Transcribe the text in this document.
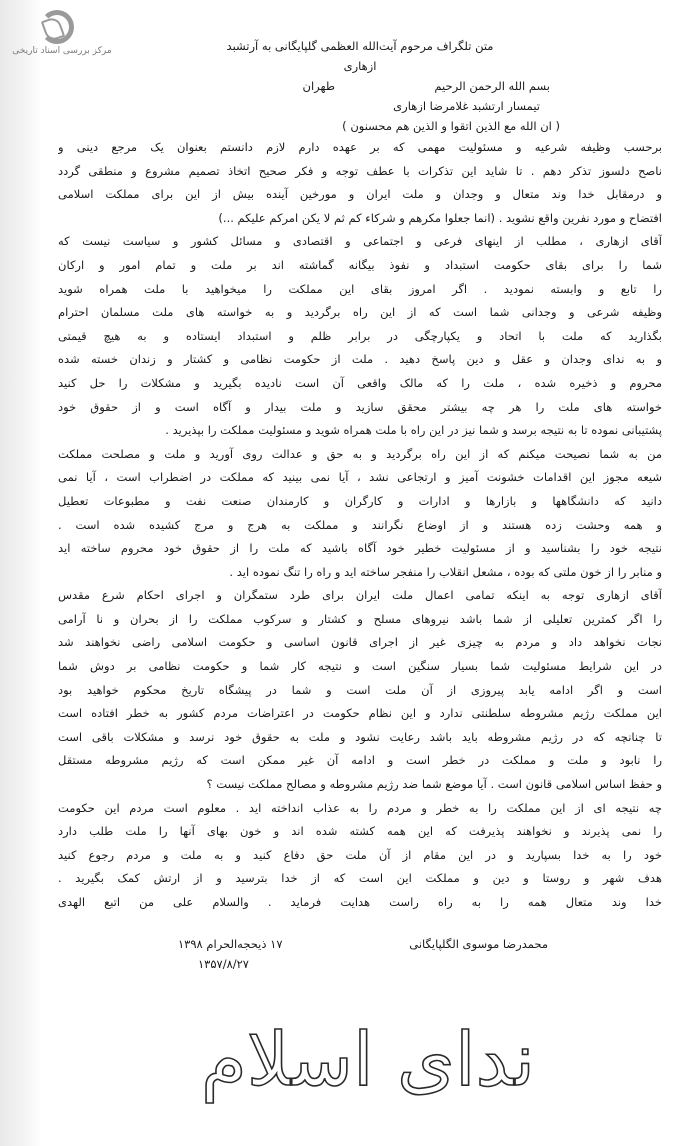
مرکز بررسی اسناد تاریخی	متن تلگراف مرحوم آیت‌الله العظمی گلپایگانی به آرتشبد
ازهاری
بسم الله الرحمن الرحیم
طهران
تیمسار ارتشبد غلامرضا ازهاری
( ان الله مع الذین اتقوا و الذین هم محسنون )
برحسب وظیفه شرعیه و مسئولیت مهمی که بر عهده دارم لازم دانستم بعنوان یک مرجع دینی و
ناصح دلسوز تذکر دهم . تا شاید این تذکرات با عطف توجه و فکر صحیح اتخاذ تصمیم مشروع و منطقی گردد
و درمقابل خدا وند متعال و وجدان و ملت ایران و مورخین آینده بیش از این برای مملکت اسلامی
افتضاح و مورد نفرین واقع نشوید . (انما جعلوا مکرهم و شرکاء کم ثم لا یکن امرکم علیکم ...)
آقای ازهاری ، مطلب از اینهای فرعی و اجتماعی و اقتصادی و مسائل کشور و سیاست نیست که
شما را برای بقای حکومت استبداد و نفوذ بیگانه گماشته اند بر ملت و تمام امور و ارکان
را تابع و وابسته نمودید . اگر امروز بقای این مملکت را میخواهید با ملت همراه شوید
وظیفه شرعی و وجدانی شما است که از این راه برگردید و به خواسته های ملت مسلمان احترام
بگذارید که ملت با اتحاد و یکپارچگی در برابر ظلم و استبداد ایستاده و به هیچ قیمتی
و به ندای وجدان و عقل و دین پاسخ دهید . ملت از حکومت نظامی و کشتار و زندان خسته شده
محروم و ذخیره شده ، ملت را که مالک واقعی آن است نادیده بگیرید و مشکلات را حل کنید
خواسته های ملت را هر چه بیشتر محقق سازید و ملت بیدار و آگاه است و از حقوق خود
پشتیبانی نموده تا به نتیجه برسد و شما نیز در این راه با ملت همراه شوید و مسئولیت مملکت را بپذیرید .
من به شما نصیحت میکنم که از این راه برگردید و به حق و عدالت روی آورید و ملت و مصلحت مملکت
شیعه مجوز این اقدامات خشونت آمیز و ارتجاعی نشد ، آیا نمی بینید که مملکت در اضطراب است ، آیا نمی
دانید که دانشگاهها و بازارها و ادارات و کارگران و کارمندان صنعت نفت و مطبوعات تعطیل
و همه وحشت زده هستند و از اوضاع نگرانند و مملکت به هرج و مرج کشیده شده است .
نتیجه خود را بشناسید و از مسئولیت خطیر خود آگاه باشید که ملت را از حقوق خود محروم ساخته اید
و منابر را از خون ملتی که بوده ، مشعل انقلاب را منفجر ساخته اید و راه را تنگ نموده اید .
آقای ازهاری توجه به اینکه تمامی اعمال ملت ایران برای طرد ستمگران و اجرای احکام شرع مقدس
را اگر کمترین تعلیلی از شما باشد نیروهای مسلح و کشتار و سرکوب مملکت را از بحران و نا آرامی
نجات نخواهد داد و مردم به چیزی غیر از اجرای قانون اساسی و حکومت اسلامی راضی نخواهند شد
در این شرایط مسئولیت شما بسیار سنگین است و نتیجه کار شما و حکومت نظامی بر دوش شما
است و اگر ادامه یابد پیروزی از آن ملت است و شما در پیشگاه تاریخ محکوم خواهید بود
این مملکت رژیم مشروطه سلطنتی ندارد و این نظام حکومت در اعتراضات مردم کشور به خطر افتاده است
تا چنانچه که در رژیم مشروطه باید باشد رعایت نشود و ملت به حقوق خود نرسد و مشکلات باقی است
را نابود و ملت و مملکت در خطر است و ادامه آن غیر ممکن است که رژیم مشروطه مستقل
و حفظ اساس اسلامی قانون است . آیا موضع شما ضد رژیم مشروطه و مصالح مملکت نیست ؟
چه نتیجه ای از این مملکت را به خطر و مردم را به عذاب انداخته اید . معلوم است مردم این حکومت
را نمی پذیرند و نخواهند پذیرفت که این همه کشته شده اند و خون بهای آنها را ملت طلب دارد
خود را به خدا بسپارید و در این مقام از آن ملت حق دفاع کنید و به ملت و مردم رجوع کنید
هدف شهر و روستا و دین و مملکت این است که از خدا بترسید و از ارتش کمک بگیرید .
خدا وند متعال همه را به راه راست هدایت فرماید . والسلام علی من اتبع الهدی
محمدرضا موسوی الگلپایگانی
۱۷ ذیحجه‌الحرام ۱۳۹۸
۱۳۵۷/۸/۲۷
ندای اسلام
